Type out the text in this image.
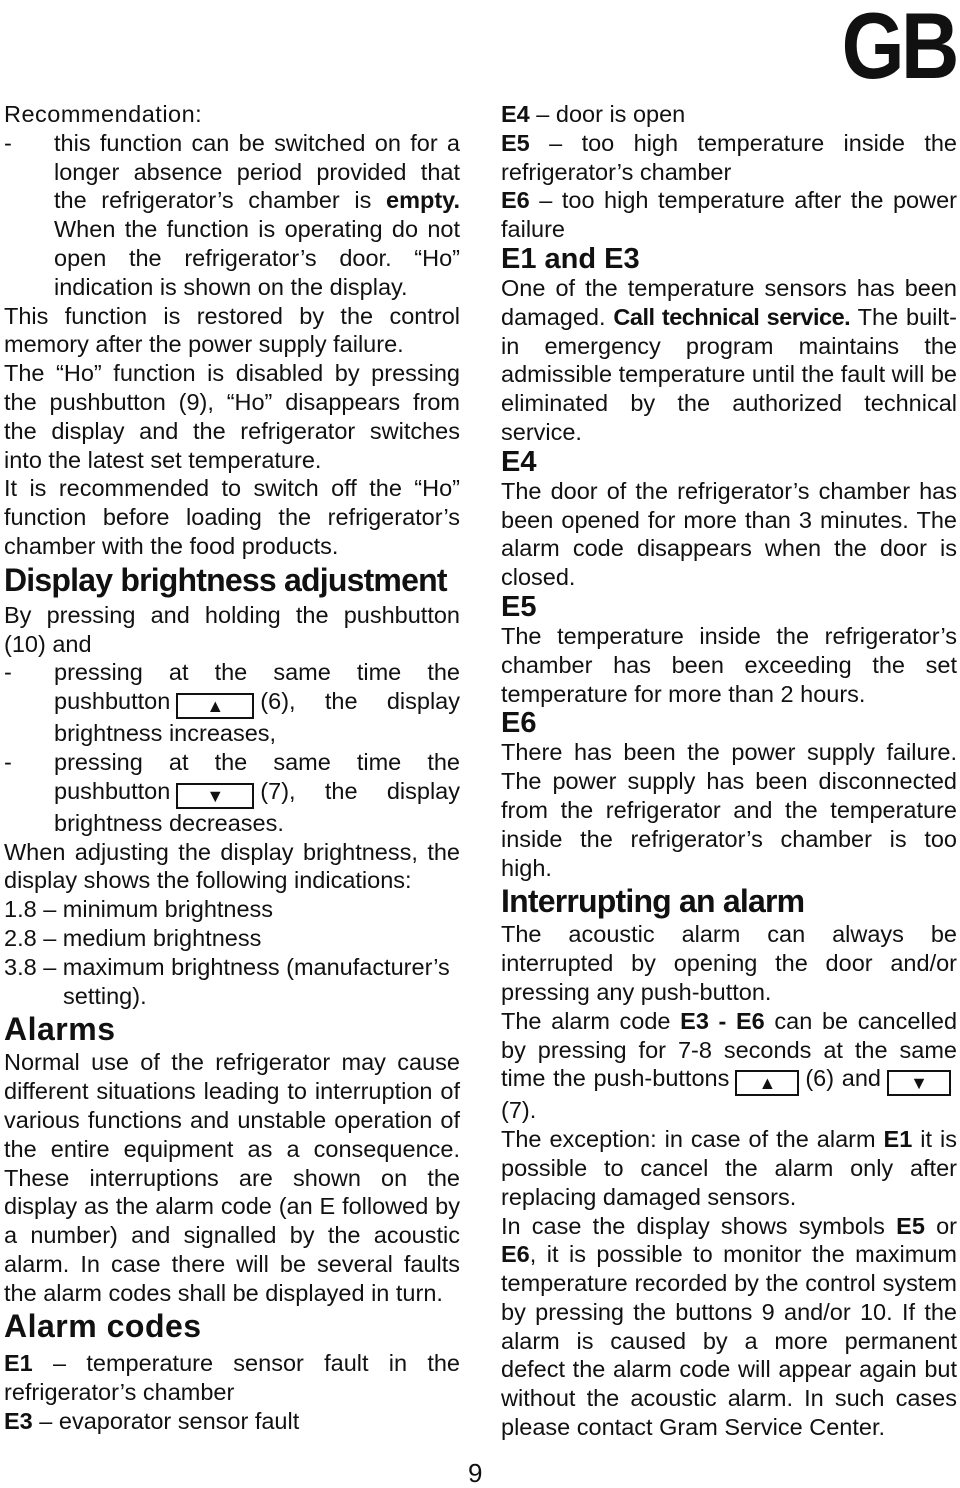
GB

Recommendation:

-	this function can be switched on for a longer absence period provided that the refrigerator’s chamber is empty. When the function is operating do not open the refrigerator’s door. “Ho” indication is shown on the display.

This function is restored by the control memory after the power supply failure.

The “Ho” function is disabled by pressing the pushbutton (9), “Ho” disappears from the display and the refrigerator switches into the latest set temperature.

It is recommended to switch off the “Ho” function before loading the refrigerator’s chamber with the food products.

Display brightness adjustment

By pressing and holding the pushbutton (10) and

-	pressing at the same time the pushbutton ▲ (6), the display brightness increases,

-	pressing at the same time the pushbutton ▼ (7), the display brightness decreases.

When adjusting the display brightness, the display shows the following indications:

1.8 – minimum brightness

2.8 – medium brightness

3.8 – maximum brightness (manufacturer’s

setting).

Alarms

Normal use of the refrigerator may cause different situations leading to interruption of various functions and unstable operation of the entire equipment as a consequence. These interruptions are shown on the display as the alarm code (an E followed by a number) and signalled by the acoustic alarm. In case there will be several faults the alarm codes shall be displayed in turn.

Alarm codes

E1 – temperature sensor fault in the refrigerator’s chamber

E3 – evaporator sensor fault

E4 – door is open

E5 – too high temperature inside the refrigerator’s chamber

E6 – too high temperature after the power failure

E1 and E3

One of the temperature sensors has been damaged. Call technical service. The built-in emergency program maintains the admissible temperature until the fault will be eliminated by the authorized technical service.

E4

The door of the refrigerator’s chamber has been opened for more than 3 minutes. The alarm code disappears when the door is closed.

E5

The temperature inside the refrigerator’s chamber has been exceeding the set temperature for more than 2 hours.

E6

There has been the power supply failure. The power supply has been disconnected from the refrigerator and the temperature inside the refrigerator’s chamber is too high.

Interrupting an alarm

The acoustic alarm can always be interrupted by opening the door and/or pressing any push-button.

The alarm code E3 - E6 can be cancelled by pressing for 7-8 seconds at the same time the push-buttons ▲ (6) and ▼(7).

The exception: in case of the alarm E1 it is possible to cancel the alarm only after replacing damaged sensors.

In case the display shows symbols E5 or E6, it is possible to monitor the maximum temperature recorded by the control system by pressing the buttons 9 and/or 10. If the alarm is caused by a more permanent defect the alarm code will appear again but without the acoustic alarm. In such cases please contact Gram Service Center.

9
